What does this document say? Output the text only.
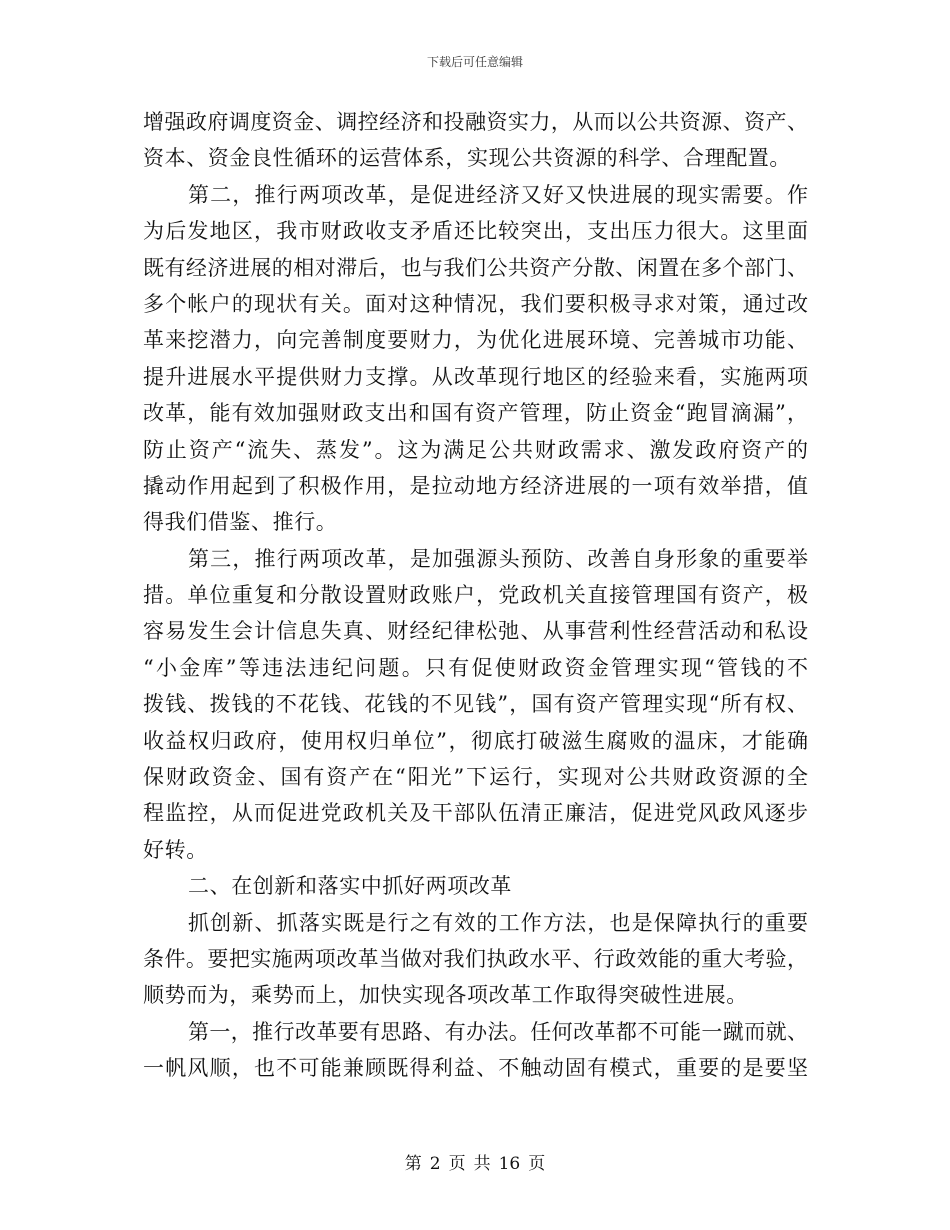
下载后可任意编辑
增强政府调度资金、调控经济和投融资实力，从而以公共资源、资产、
资本、资金良性循环的运营体系，实现公共资源的科学、合理配置。
第二，推行两项改革，是促进经济又好又快进展的现实需要。作
为后发地区，我市财政收支矛盾还比较突出，支出压力很大。这里面
既有经济进展的相对滞后，也与我们公共资产分散、闲置在多个部门、
多个帐户的现状有关。面对这种情况，我们要积极寻求对策，通过改
革来挖潜力，向完善制度要财力，为优化进展环境、完善城市功能、
提升进展水平提供财力支撑。从改革现行地区的经验来看，实施两项
改革，能有效加强财政支出和国有资产管理，防止资金“跑冒滴漏”，
防止资产“流失、蒸发”。这为满足公共财政需求、激发政府资产的
撬动作用起到了积极作用，是拉动地方经济进展的一项有效举措，值
得我们借鉴、推行。
第三，推行两项改革，是加强源头预防、改善自身形象的重要举
措。单位重复和分散设置财政账户，党政机关直接管理国有资产，极
容易发生会计信息失真、财经纪律松弛、从事营利性经营活动和私设
“小金库”等违法违纪问题。只有促使财政资金管理实现“管钱的不
拨钱、拨钱的不花钱、花钱的不见钱”，国有资产管理实现“所有权、
收益权归政府，使用权归单位”，彻底打破滋生腐败的温床，才能确
保财政资金、国有资产在“阳光”下运行，实现对公共财政资源的全
程监控，从而促进党政机关及干部队伍清正廉洁，促进党风政风逐步
好转。
二、在创新和落实中抓好两项改革
抓创新、抓落实既是行之有效的工作方法，也是保障执行的重要
条件。要把实施两项改革当做对我们执政水平、行政效能的重大考验，
顺势而为，乘势而上，加快实现各项改革工作取得突破性进展。
第一，推行改革要有思路、有办法。任何改革都不可能一蹴而就、
一帆风顺，也不可能兼顾既得利益、不触动固有模式，重要的是要坚
第 2 页 共 16 页
